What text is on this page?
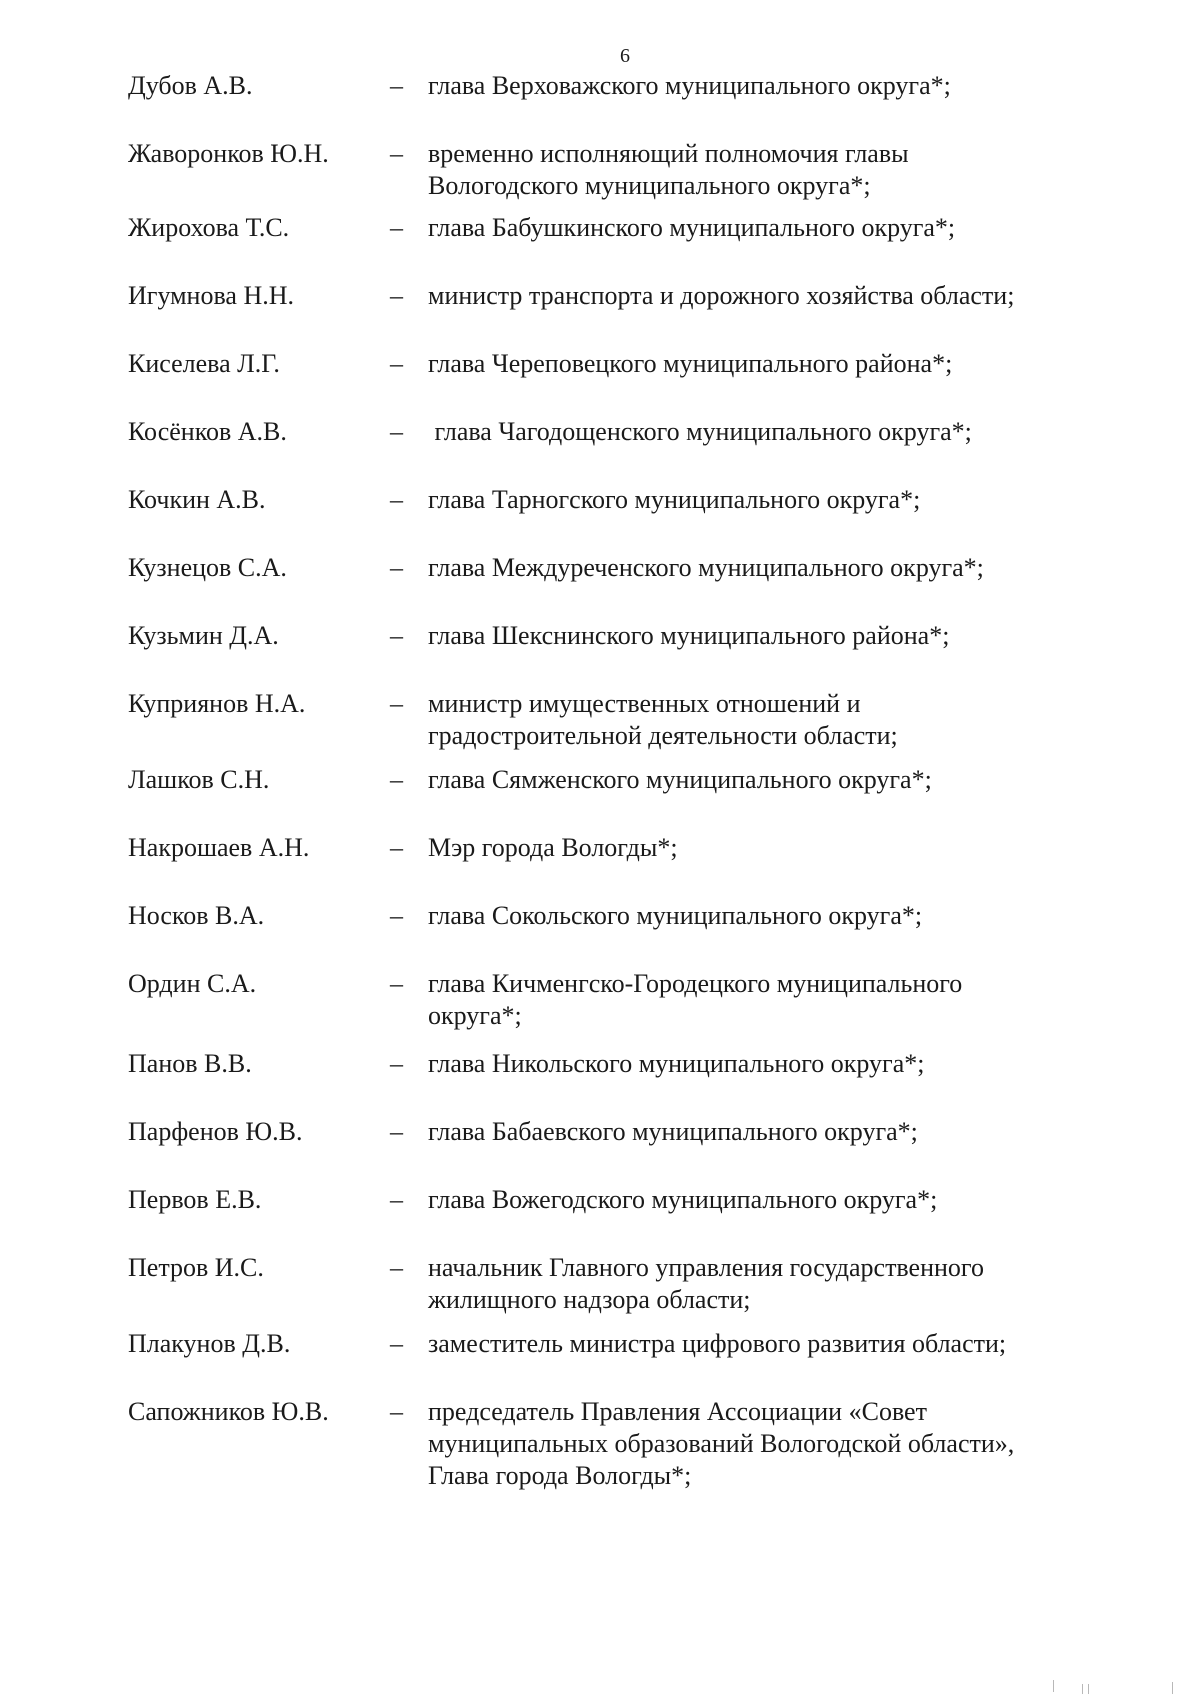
6
Дубов А.В.	– глава Верховажского муниципального округа*;
Жаворонков Ю.Н. – временно исполняющий полномочия главы
Вологодского муниципального округа*;
Жирохова Т.С.	– глава Бабушкинского муниципального округа*;
Игумнова Н.Н.	– министр транспорта и дорожного хозяйства области;
Киселева Л.Г.	– глава Череповецкого муниципального района*;
Косёнков А.В.	– глава Чагодощенского муниципального округа*;
Кочкин А.В.	– глава Тарногского муниципального округа*;
Кузнецов С.А.	– глава Междуреченского муниципального округа*;
Кузьмин Д.А.	– глава Шекснинского муниципального района*;
Куприянов Н.А.	– министр имущественных отношений и
градостроительной деятельности области;
Лашков С.Н.	– глава Сямженского муниципального округа*;
Накрошаев А.Н.	– Мэр города Вологды*;
Носков В.А.	– глава Сокольского муниципального округа*;
Ордин С.А.	– глава Кичменгско-Городецкого муниципального
округа*;
Панов В.В.	– глава Никольского муниципального округа*;
Парфенов Ю.В.	– глава Бабаевского муниципального округа*;
Первов Е.В.	– глава Вожегодского муниципального округа*;
Петров И.С.	– начальник Главного управления государственного
жилищного надзора области;
Плакунов Д.В.	– заместитель министра цифрового развития области;
Сапожников Ю.В. – председатель Правления Ассоциации «Совет
муниципальных образований Вологодской области»,
Глава города Вологды*;
